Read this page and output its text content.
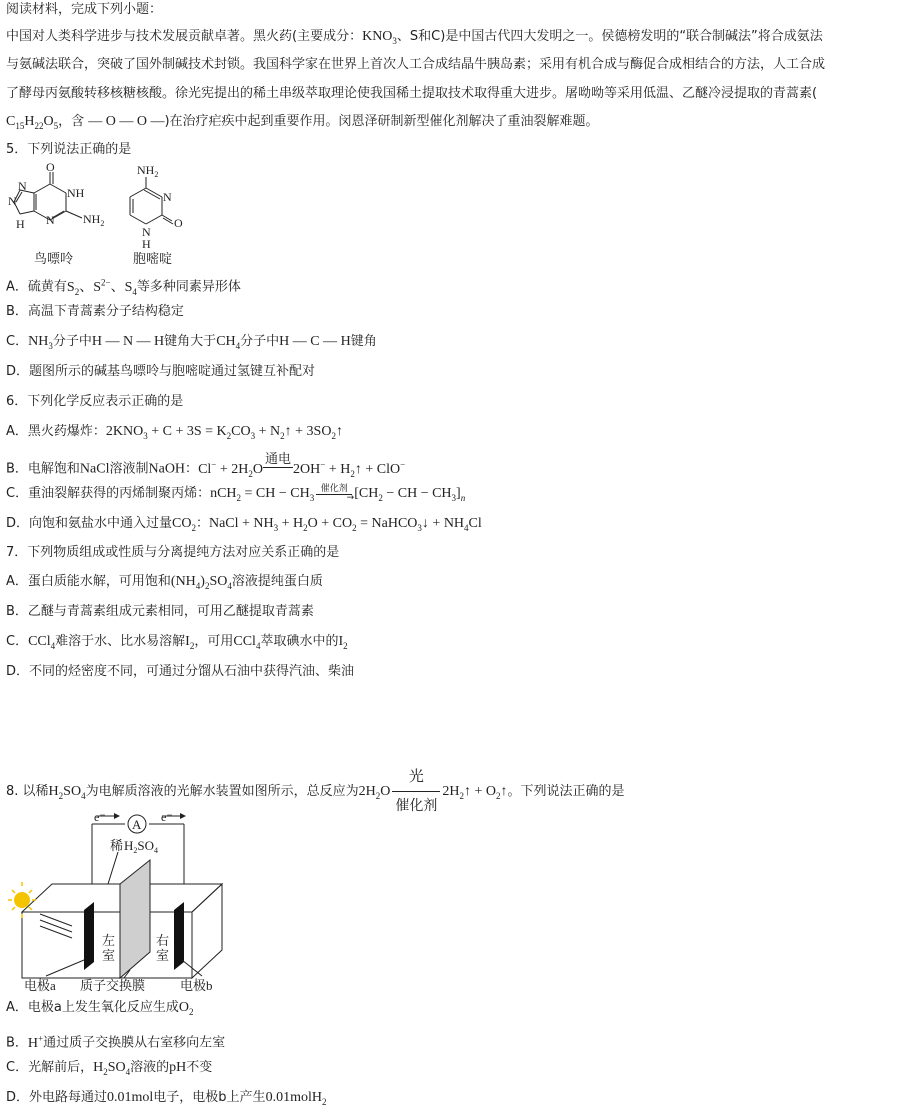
阅读材料，完成下列小题：
中国对人类科学进步与技术发展贡献卓著。黑火药(主要成分：$KNO_3$、S和C)是中国古代四大发明之一。侯德榜发明的“联合制碱法”将合成氨法
与氨碱法联合，突破了国外制碱技术封锁。我国科学家在世界上首次人工合成结晶牛胰岛素；采用有机合成与酶促合成相结合的方法，人工合成
了酵母丙氨酸转移核糖核酸。徐光宪提出的稀土串级萃取理论使我国稀土提取技术取得重大进步。屠呦呦等采用低温、乙醚冷浸提取的青蒿素(
$C_{15}H_{22}O_5$，含 — O — O —)在治疗疟疾中起到重要作用。闵恩泽研制新型催化剂解决了重油裂解难题。
5．下列说法正确的是
O
NH
N
N
H N $NH_2$
$NH_2$
N
O
N
H
鸟嘌呤	胞嘧啶
A．硫黄有$S_2$、$S^{2-}$、$S_4$等多种同素异形体
B．高温下青蒿素分子结构稳定
C．$NH_3$分子中H — N — H键角大于$CH_4$分子中H — C — H键角
D．题图所示的碱基鸟嘌呤与胞嘧啶通过氢键互补配对
6．下列化学反应表示正确的是
A．黑火药爆炸：$2KNO_3 + C + 3S = K_2CO_3$ + $N_2↑$ + $3SO_2↑$
B．电解饱和NaCl溶液制NaOH：$Cl^- + 2H_2O$通电
$2OH^- + H_2↑ + ClO^-$
C．重油裂解获得的丙烯制聚丙烯：nCH$_2$ = CH − $CH_3^{催化剂}$
→ [$CH_2$ − CH − $CH_3]_n$
D．向饱和氨盐水中通入过量$CO_2$：NaCl + $NH_3 + H_2O + CO_2$ = NaHCO$_3$↓ + $NH_4Cl$
7．下列物质组成或性质与分离提纯方法对应关系正确的是
A．蛋白质能水解，可用饱和$(NH_4)_2SO_4$溶液提纯蛋白质
B．乙醚与青蒿素组成元素相同，可用乙醚提取青蒿素
C．CCl$_4$难溶于水、比水易溶解$I_2$，可用CCl$_4$萃取碘水中的$I_2$
D．不同的烃密度不同，可通过分馏从石油中获得汽油、柴油
8. 以稀$H_2SO_4$为电解质溶液的光解水装置如图所示，总反应为$2H_2O$
光
催化剂
$2H_2↑$ + $O_2↑$。下列说法正确的是
e⁻	e⁻
A
稀 $H_2SO_4$
左
室
右
室
电极a 质子交换膜	电极b
A．电极a上发生氧化反应生成$O_2$
B．H+通过质子交换膜从右室移向左室
C．光解前后，$H_2SO_4$溶液的pH不变
D．外电路每通过0.01mol电子，电极b上产生0.01molH$_2$
